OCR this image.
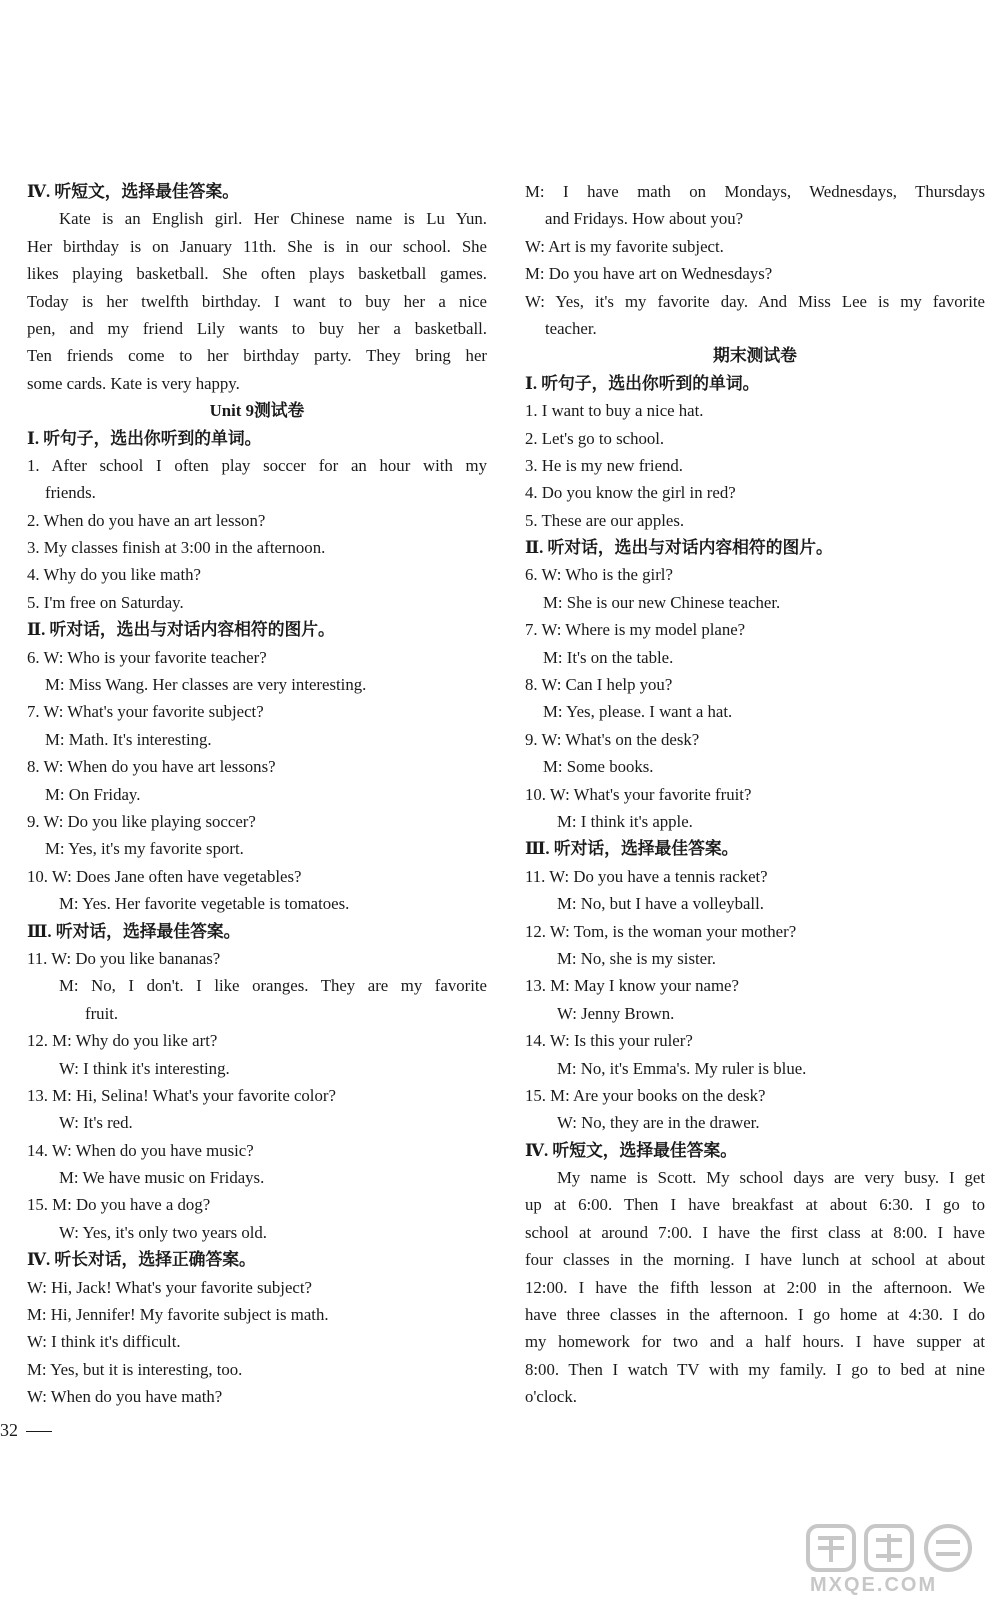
Ⅳ. 听短文，选择最佳答案。
Kate is an English girl. Her Chinese name is Lu Yun.
Her birthday is on January 11th. She is in our school. She
likes playing basketball. She often plays basketball games.
Today is her twelfth birthday. I want to buy her a nice
pen, and my friend Lily wants to buy her a basketball.
Ten friends come to her birthday party. They bring her
some cards. Kate is very happy.
Unit 9测试卷
Ⅰ. 听句子，选出你听到的单词。
1. After school I often play soccer for an hour with my
friends.
2. When do you have an art lesson?
3. My classes finish at 3:00 in the afternoon.
4. Why do you like math?
5. I'm free on Saturday.
Ⅱ. 听对话，选出与对话内容相符的图片。
6. W: Who is your favorite teacher?
M: Miss Wang. Her classes are very interesting.
7. W: What's your favorite subject?
M: Math. It's interesting.
8. W: When do you have art lessons?
M: On Friday.
9. W: Do you like playing soccer?
M: Yes, it's my favorite sport.
10. W: Does Jane often have vegetables?
M: Yes. Her favorite vegetable is tomatoes.
Ⅲ. 听对话，选择最佳答案。
11. W: Do you like bananas?
M: No, I don't. I like oranges. They are my favorite
fruit.
12. M: Why do you like art?
W: I think it's interesting.
13. M: Hi, Selina! What's your favorite color?
W: It's red.
14. W: When do you have music?
M: We have music on Fridays.
15. M: Do you have a dog?
W: Yes, it's only two years old.
Ⅳ. 听长对话，选择正确答案。
W: Hi, Jack! What's your favorite subject?
M: Hi, Jennifer! My favorite subject is math.
W: I think it's difficult.
M: Yes, but it is interesting, too.
W: When do you have math?
M: I have math on Mondays, Wednesdays, Thursdays
and Fridays. How about you?
W: Art is my favorite subject.
M: Do you have art on Wednesdays?
W: Yes, it's my favorite day. And Miss Lee is my favorite
teacher.
期末测试卷
Ⅰ. 听句子，选出你听到的单词。
1. I want to buy a nice hat.
2. Let's go to school.
3. He is my new friend.
4. Do you know the girl in red?
5. These are our apples.
Ⅱ. 听对话，选出与对话内容相符的图片。
6. W: Who is the girl?
M: She is our new Chinese teacher.
7. W: Where is my model plane?
M: It's on the table.
8. W: Can I help you?
M: Yes, please. I want a hat.
9. W: What's on the desk?
M: Some books.
10. W: What's your favorite fruit?
M: I think it's apple.
Ⅲ. 听对话，选择最佳答案。
11. W: Do you have a tennis racket?
M: No, but I have a volleyball.
12. W: Tom, is the woman your mother?
M: No, she is my sister.
13. M: May I know your name?
W: Jenny Brown.
14. W: Is this your ruler?
M: No, it's Emma's. My ruler is blue.
15. M: Are your books on the desk?
W: No, they are in the drawer.
Ⅳ. 听短文，选择最佳答案。
My name is Scott. My school days are very busy. I get
up at 6:00. Then I have breakfast at about 6:30. I go to
school at around 7:00. I have the first class at 8:00. I have
four classes in the morning. I have lunch at school at about
12:00. I have the fifth lesson at 2:00 in the afternoon. We
have three classes in the afternoon. I go home at 4:30. I do
my homework for two and a half hours. I have supper at
8:00. Then I watch TV with my family. I go to bed at nine
o'clock.
32
MXQE.COM
